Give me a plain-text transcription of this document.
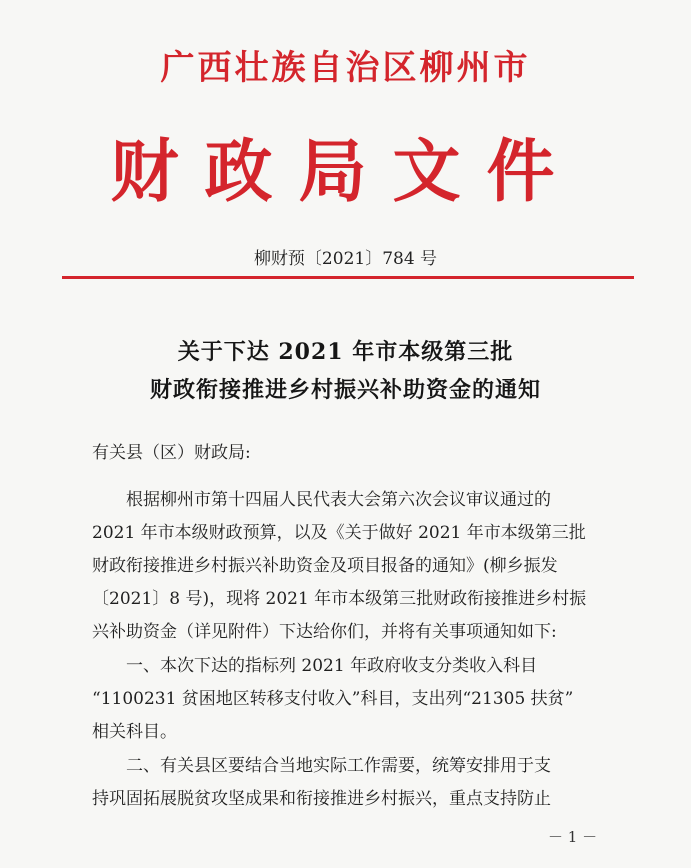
广西壮族自治区柳州市
财政局文件
柳财预〔2021〕784 号
关于下达 2021 年市本级第三批
财政衔接推进乡村振兴补助资金的通知
有关县（区）财政局:
根据柳州市第十四届人民代表大会第六次会议审议通过的
2021 年市本级财政预算，以及《关于做好 2021 年市本级第三批
财政衔接推进乡村振兴补助资金及项目报备的通知》(柳乡振发
〔2021〕8 号)，现将 2021 年市本级第三批财政衔接推进乡村振
兴补助资金（详见附件）下达给你们，并将有关事项通知如下:
一、本次下达的指标列 2021 年政府收支分类收入科目
“1100231 贫困地区转移支付收入”科目，支出列“21305 扶贫”
相关科目。
二、有关县区要结合当地实际工作需要，统筹安排用于支
持巩固拓展脱贫攻坚成果和衔接推进乡村振兴，重点支持防止
－ 1 －
